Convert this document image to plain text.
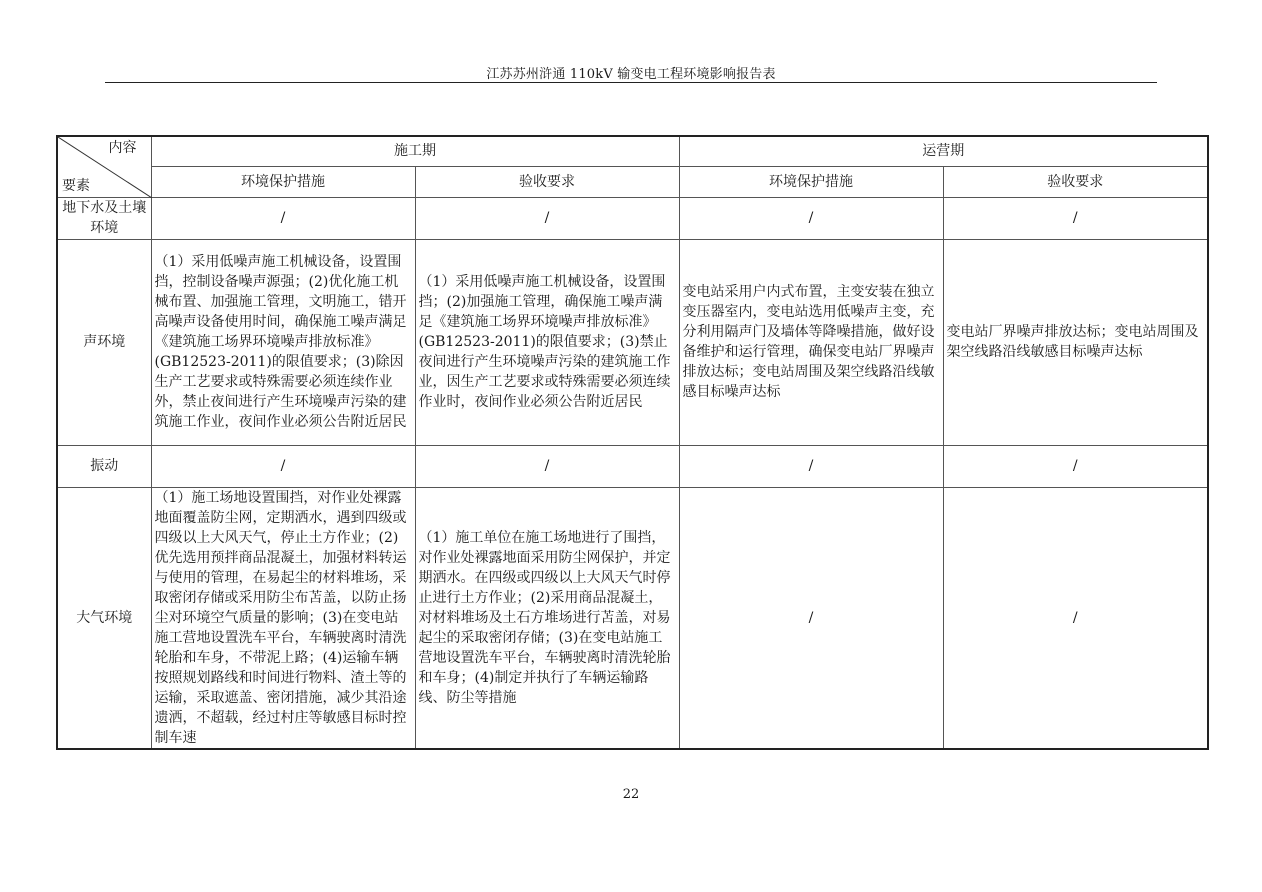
江苏苏州浒通 110kV 输变电工程环境影响报告表
内容
要素	施工期		运营期	
	环境保护措施	验收要求	环境保护措施	验收要求
地下水及土壤环境	/	/	/	/
声环境	（1）采用低噪声施工机械设备，设置围挡，控制设备噪声源强；(2)优化施工机械布置、加强施工管理，文明施工，错开高噪声设备使用时间，确保施工噪声满足《建筑施工场界环境噪声排放标准》(GB12523-2011)的限值要求；(3)除因生产工艺要求或特殊需要必须连续作业外，禁止夜间进行产生环境噪声污染的建筑施工作业，夜间作业必须公告附近居民	（1）采用低噪声施工机械设备，设置围挡；(2)加强施工管理，确保施工噪声满足《建筑施工场界环境噪声排放标准》(GB12523-2011)的限值要求；(3)禁止夜间进行产生环境噪声污染的建筑施工作业，因生产工艺要求或特殊需要必须连续作业时，夜间作业必须公告附近居民	变电站采用户内式布置，主变安装在独立变压器室内，变电站选用低噪声主变，充分利用隔声门及墙体等降噪措施，做好设备维护和运行管理，确保变电站厂界噪声排放达标；变电站周围及架空线路沿线敏感目标噪声达标	变电站厂界噪声排放达标；变电站周围及架空线路沿线敏感目标噪声达标
振动	/	/	/	/
大气环境	（1）施工场地设置围挡，对作业处裸露地面覆盖防尘网，定期洒水，遇到四级或四级以上大风天气，停止土方作业；(2)优先选用预拌商品混凝土，加强材料转运与使用的管理，在易起尘的材料堆场，采取密闭存储或采用防尘布苫盖，以防止扬尘对环境空气质量的影响；(3)在变电站施工营地设置洗车平台，车辆驶离时清洗轮胎和车身，不带泥上路；(4)运输车辆按照规划路线和时间进行物料、渣土等的运输，采取遮盖、密闭措施，减少其沿途遗洒，不超载，经过村庄等敏感目标时控制车速	（1）施工单位在施工场地进行了围挡，对作业处裸露地面采用防尘网保护，并定期洒水。在四级或四级以上大风天气时停止进行土方作业；(2)采用商品混凝土，对材料堆场及土石方堆场进行苫盖，对易起尘的采取密闭存储；(3)在变电站施工营地设置洗车平台，车辆驶离时清洗轮胎和车身；(4)制定并执行了车辆运输路线、防尘等措施	/	/
22
